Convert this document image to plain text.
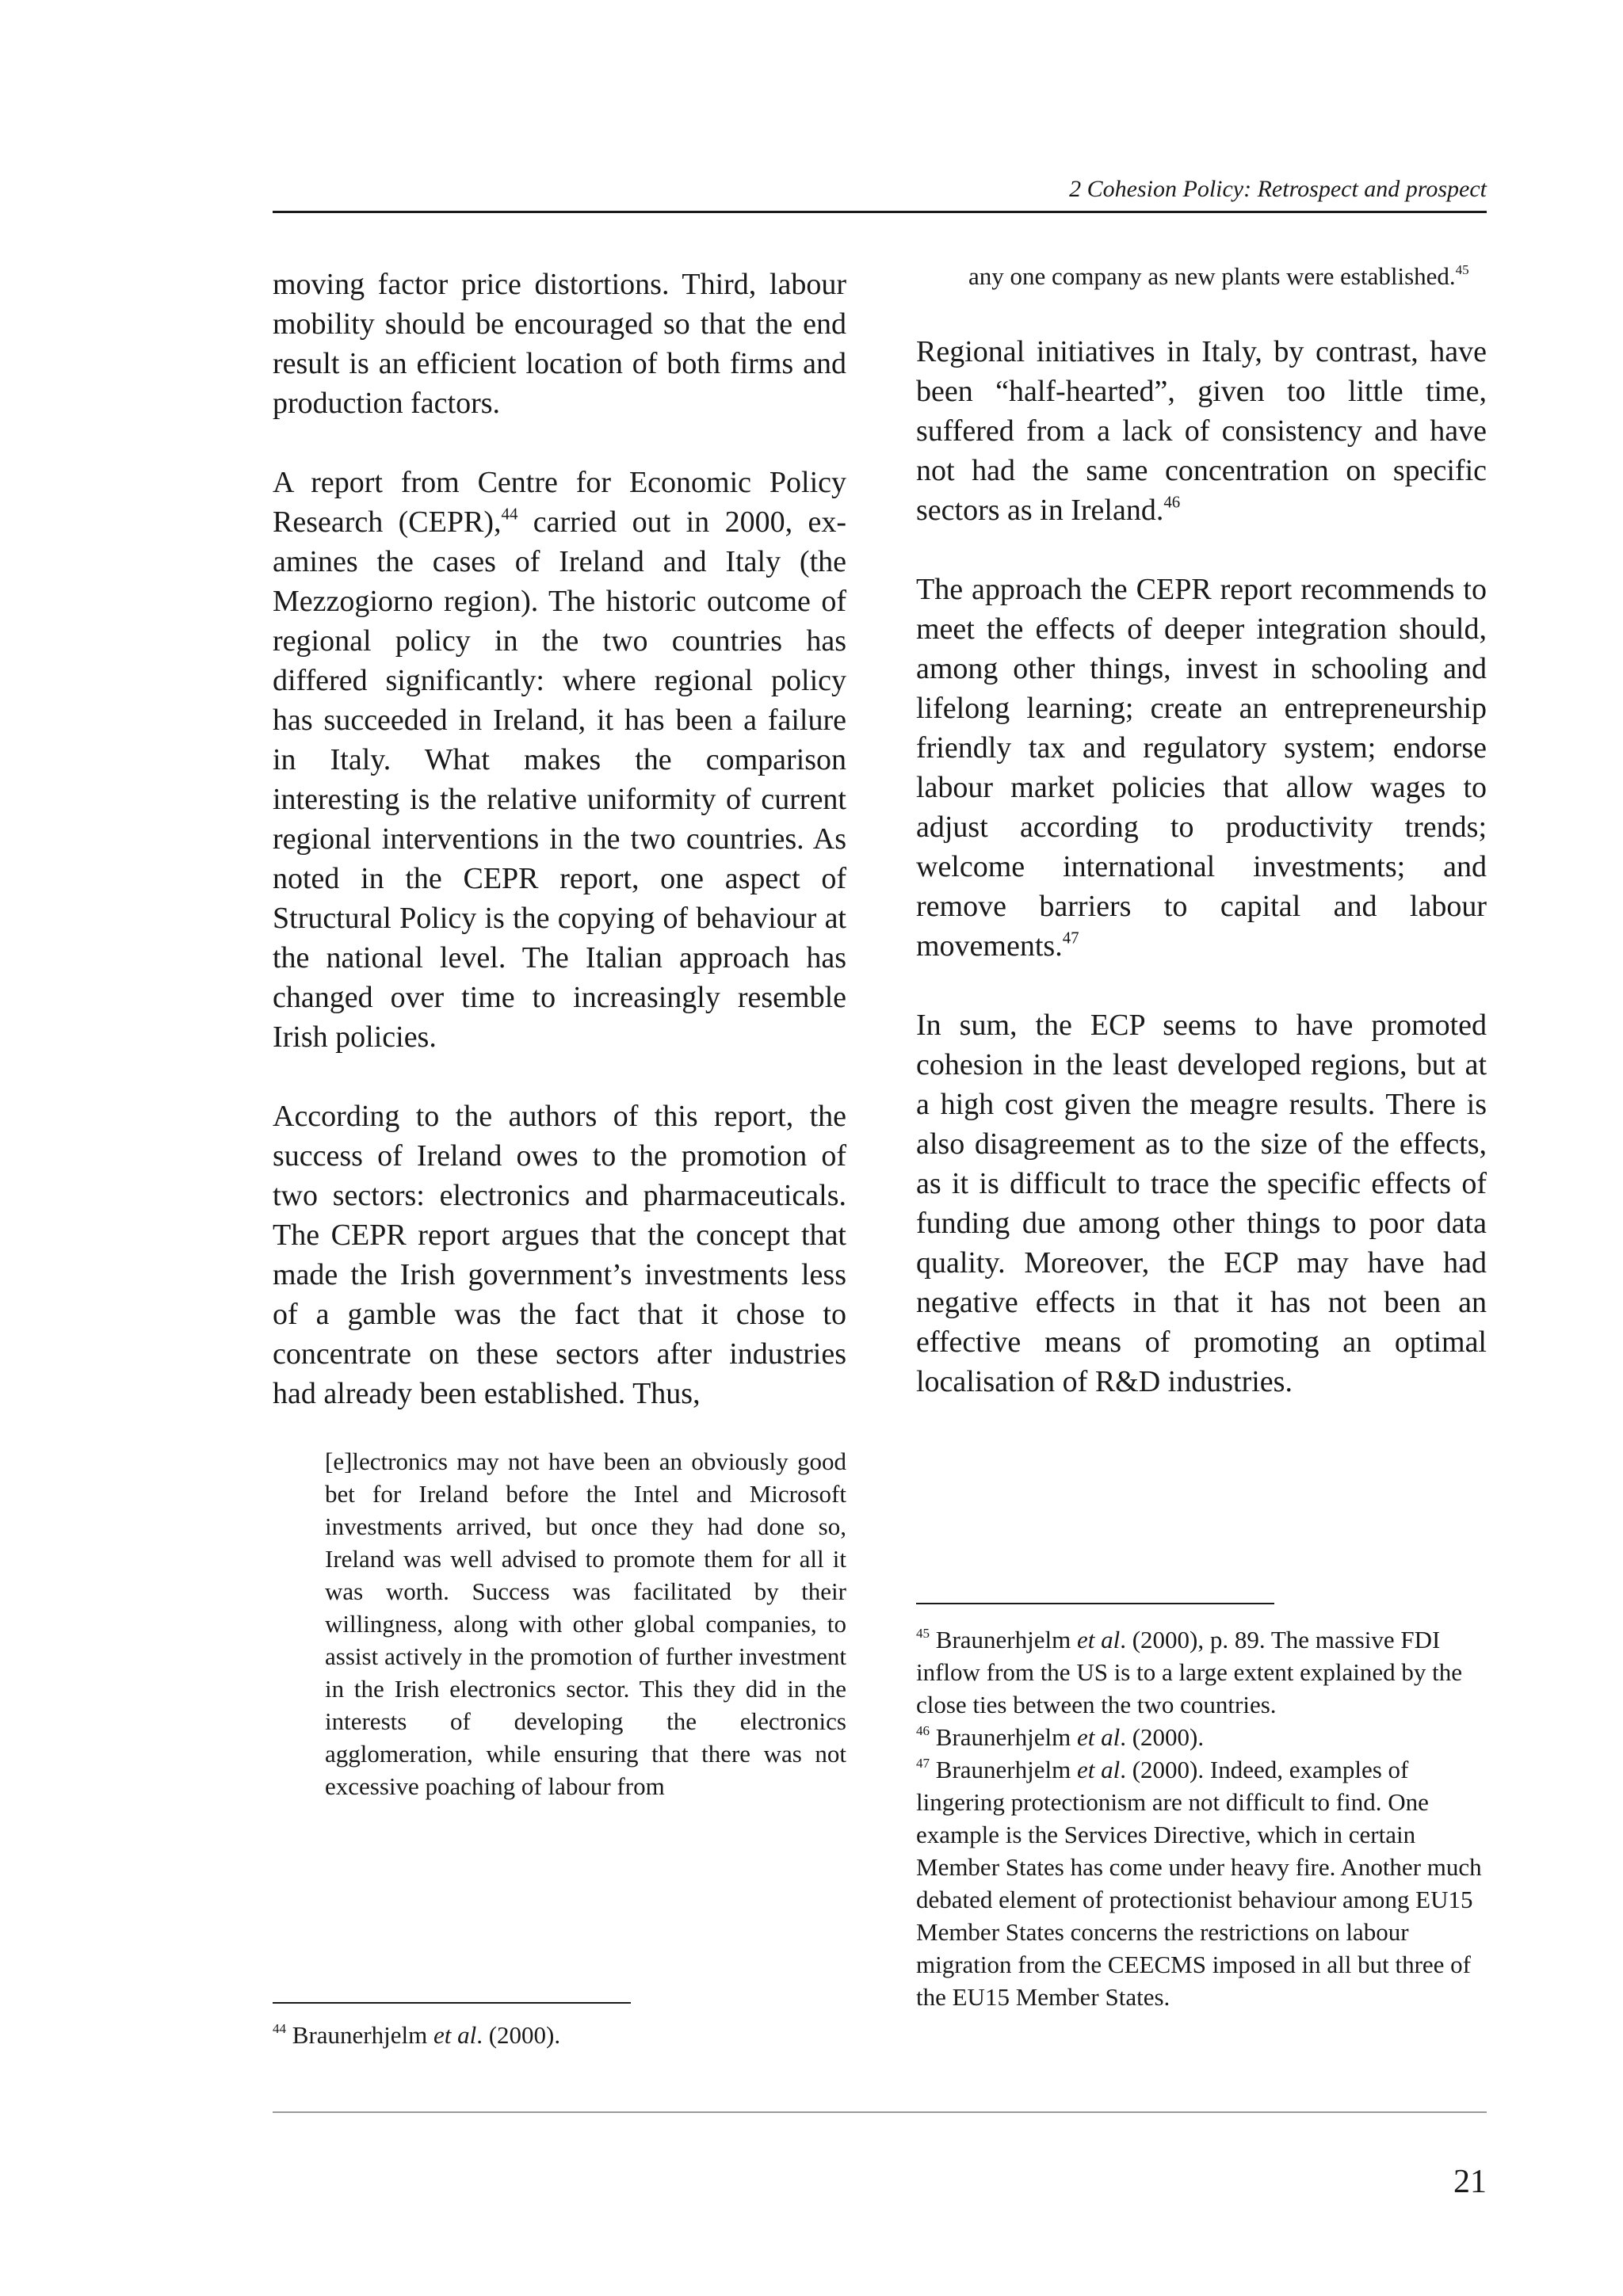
2 Cohesion Policy: Retrospect and prospect

moving factor price distortions. Third, labour mobility should be encouraged so that the end result is an efficient location of both firms and production factors.

A report from Centre for Economic Policy Research (CEPR),$^{44}$ carried out in 2000, examines the cases of Ireland and Italy (the Mezzogiorno region). The historic outcome of regional policy in the two countries has differed significantly: where regional policy has succeeded in Ireland, it has been a failure in Italy. What makes the comparison interesting is the relative uniformity of current regional interventions in the two countries. As noted in the CEPR report, one aspect of Structural Policy is the copying of behaviour at the national level. The Italian approach has changed over time to increasingly resemble Irish policies.

According to the authors of this report, the success of Ireland owes to the promotion of two sectors: electronics and pharmaceuticals. The CEPR report argues that the concept that made the Irish government’s investments less of a gamble was the fact that it chose to concentrate on these sectors after industries had already been established. Thus,

[e]lectronics may not have been an obviously good bet for Ireland before the Intel and Microsoft investments arrived, but once they had done so, Ireland was well advised to promote them for all it was worth. Success was facilitated by their willingness, along with other global companies, to assist actively in the promotion of further investment in the Irish electronics sector. This they did in the interests of developing the electronics agglomeration, while ensuring that there was not excessive poaching of labour from
any one company as new plants were established.$^{45}$

Regional initiatives in Italy, by contrast, have been “half-hearted”, given too little time, suffered from a lack of consistency and have not had the same concentration on specific sectors as in Ireland.$^{46}$

The approach the CEPR report recommends to meet the effects of deeper integration should, among other things, invest in schooling and lifelong learning; create an entrepreneurship friendly tax and regulatory system; endorse labour market policies that allow wages to adjust according to productivity trends; welcome international investments; and remove barriers to capital and labour movements.$^{47}$

In sum, the ECP seems to have promoted cohesion in the least developed regions, but at a high cost given the meagre results. There is also disagreement as to the size of the effects, as it is difficult to trace the specific effects of funding due among other things to poor data quality. Moreover, the ECP may have had negative effects in that it has not been an effective means of promoting an optimal localisation of R&D industries.

$^{45}$ Braunerhjelm et al. (2000), p. 89. The massive FDI inflow from the US is to a large extent explained by the close ties between the two countries.

$^{46}$ Braunerhjelm et al. (2000).

$^{47}$ Braunerhjelm et al. (2000). Indeed, examples of lingering protectionism are not difficult to find. One example is the Services Directive, which in certain Member States has come under heavy fire. Another much debated element of protectionist behaviour among EU15 Member States concerns the restrictions on labour migration from the CEECMS imposed in all but three of the EU15 Member States.

$^{44}$ Braunerhjelm et al. (2000).

21
